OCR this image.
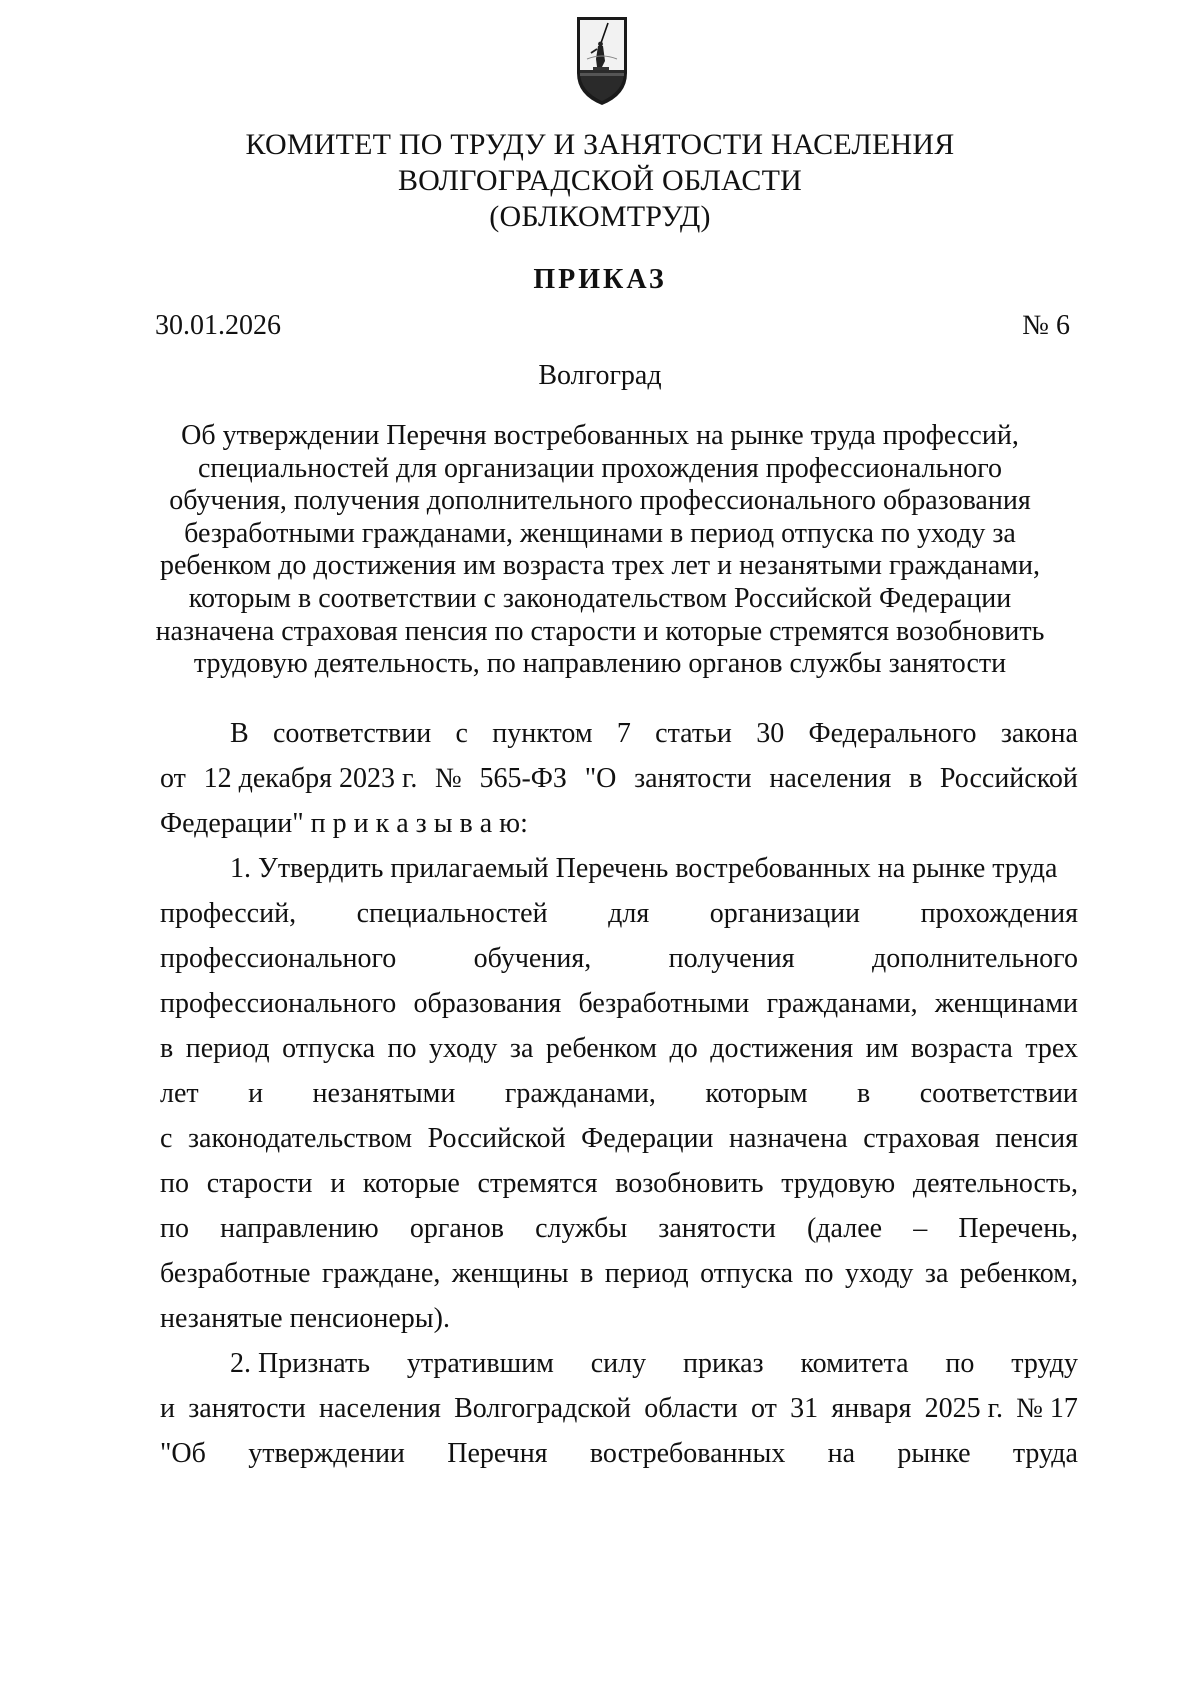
КОМИТЕТ ПО ТРУДУ И ЗАНЯТОСТИ НАСЕЛЕНИЯ
ВОЛГОГРАДСКОЙ ОБЛАСТИ
(ОБЛКОМТРУД)
ПРИКАЗ
30.01.2026	№ 6
Волгоград
Об утверждении Перечня востребованных на рынке труда профессий,
специальностей для организации прохождения профессионального
обучения, получения дополнительного профессионального образования
безработными гражданами, женщинами в период отпуска по уходу за
ребенком до достижения им возраста трех лет и незанятыми гражданами,
которым в соответствии с законодательством Российской Федерации
назначена страховая пенсия по старости и которые стремятся возобновить
трудовую деятельность, по направлению органов службы занятости
В соответствии с пунктом 7 статьи 30 Федерального закона
от 12 декабря 2023 г. № 565-ФЗ "О занятости населения в Российской
Федерации" п р и к а з ы в а ю:
1. Утвердить прилагаемый Перечень востребованных на рынке труда
профессий, специальностей для организации прохождения
профессионального	обучения,	получения	дополнительного
профессионального образования безработными гражданами, женщинами
в период отпуска по уходу за ребенком до достижения им возраста трех
лет и незанятыми гражданами, которым в соответствии
с законодательством Российской Федерации назначена страховая пенсия
по старости и которые стремятся возобновить трудовую деятельность,
по направлению органов службы занятости (далее – Перечень,
безработные граждане, женщины в период отпуска по уходу за ребенком,
незанятые пенсионеры).
2. Признать утратившим силу приказ комитета по труду
и занятости населения Волгоградской области от 31 января 2025 г. № 17
"Об утверждении Перечня востребованных на рынке труда
